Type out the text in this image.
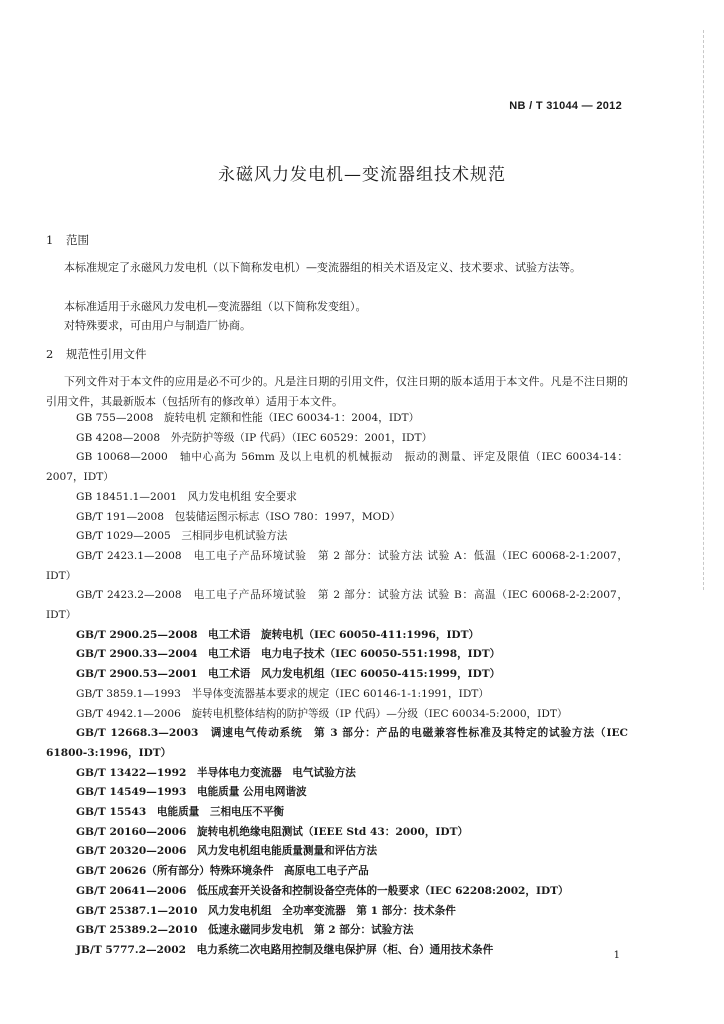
NB / T 31044 — 2012
永磁风力发电机—变流器组技术规范
1 范围
本标准规定了永磁风力发电机（以下简称发电机）—变流器组的相关术语及定义、技术要求、试验方法等。
本标准适用于永磁风力发电机—变流器组（以下简称发变组）。
对特殊要求，可由用户与制造厂协商。
2 规范性引用文件
下列文件对于本文件的应用是必不可少的。凡是注日期的引用文件，仅注日期的版本适用于本文件。凡是不注日期的引用文件，其最新版本（包括所有的修改单）适用于本文件。
GB 755—2008　旋转电机 定额和性能（IEC 60034-1：2004，IDT）
GB 4208—2008　外壳防护等级（IP 代码）（IEC 60529：2001，IDT）
GB 10068—2000　轴中心高为 56mm 及以上电机的机械振动　振动的测量、评定及限值（IEC 60034-14：2007，IDT）
GB 18451.1—2001　风力发电机组 安全要求
GB/T 191—2008　包装储运图示标志（ISO 780：1997，MOD）
GB/T 1029—2005　三相同步电机试验方法
GB/T 2423.1—2008　电工电子产品环境试验　第 2 部分：试验方法 试验 A：低温（IEC 60068-2-1:2007，IDT）
GB/T 2423.2—2008　电工电子产品环境试验　第 2 部分：试验方法 试验 B：高温（IEC 60068-2-2:2007，IDT）
GB/T 2900.25—2008　电工术语　旋转电机（IEC 60050-411:1996，IDT）
GB/T 2900.33—2004　电工术语　电力电子技术（IEC 60050-551:1998，IDT）
GB/T 2900.53—2001　电工术语　风力发电机组（IEC 60050-415:1999，IDT）
GB/T 3859.1—1993　半导体变流器基本要求的规定（IEC 60146-1-1:1991，IDT）
GB/T 4942.1—2006　旋转电机整体结构的防护等级（IP 代码）—分级（IEC 60034-5:2000，IDT）
GB/T 12668.3—2003　调速电气传动系统　第 3 部分：产品的电磁兼容性标准及其特定的试验方法（IEC 61800-3:1996，IDT）
GB/T 13422—1992　半导体电力变流器　电气试验方法
GB/T 14549—1993　电能质量 公用电网谐波
GB/T 15543　电能质量　三相电压不平衡
GB/T 20160—2006　旋转电机绝缘电阻测试（IEEE Std 43：2000，IDT）
GB/T 20320—2006　风力发电机组电能质量测量和评估方法
GB/T 20626（所有部分）特殊环境条件　高原电工电子产品
GB/T 20641—2006　低压成套开关设备和控制设备空壳体的一般要求（IEC 62208:2002，IDT）
GB/T 25387.1—2010　风力发电机组　全功率变流器　第 1 部分：技术条件
GB/T 25389.2—2010　低速永磁同步发电机　第 2 部分：试验方法
JB/T 5777.2—2002　电力系统二次电路用控制及继电保护屏（柜、台）通用技术条件	1
